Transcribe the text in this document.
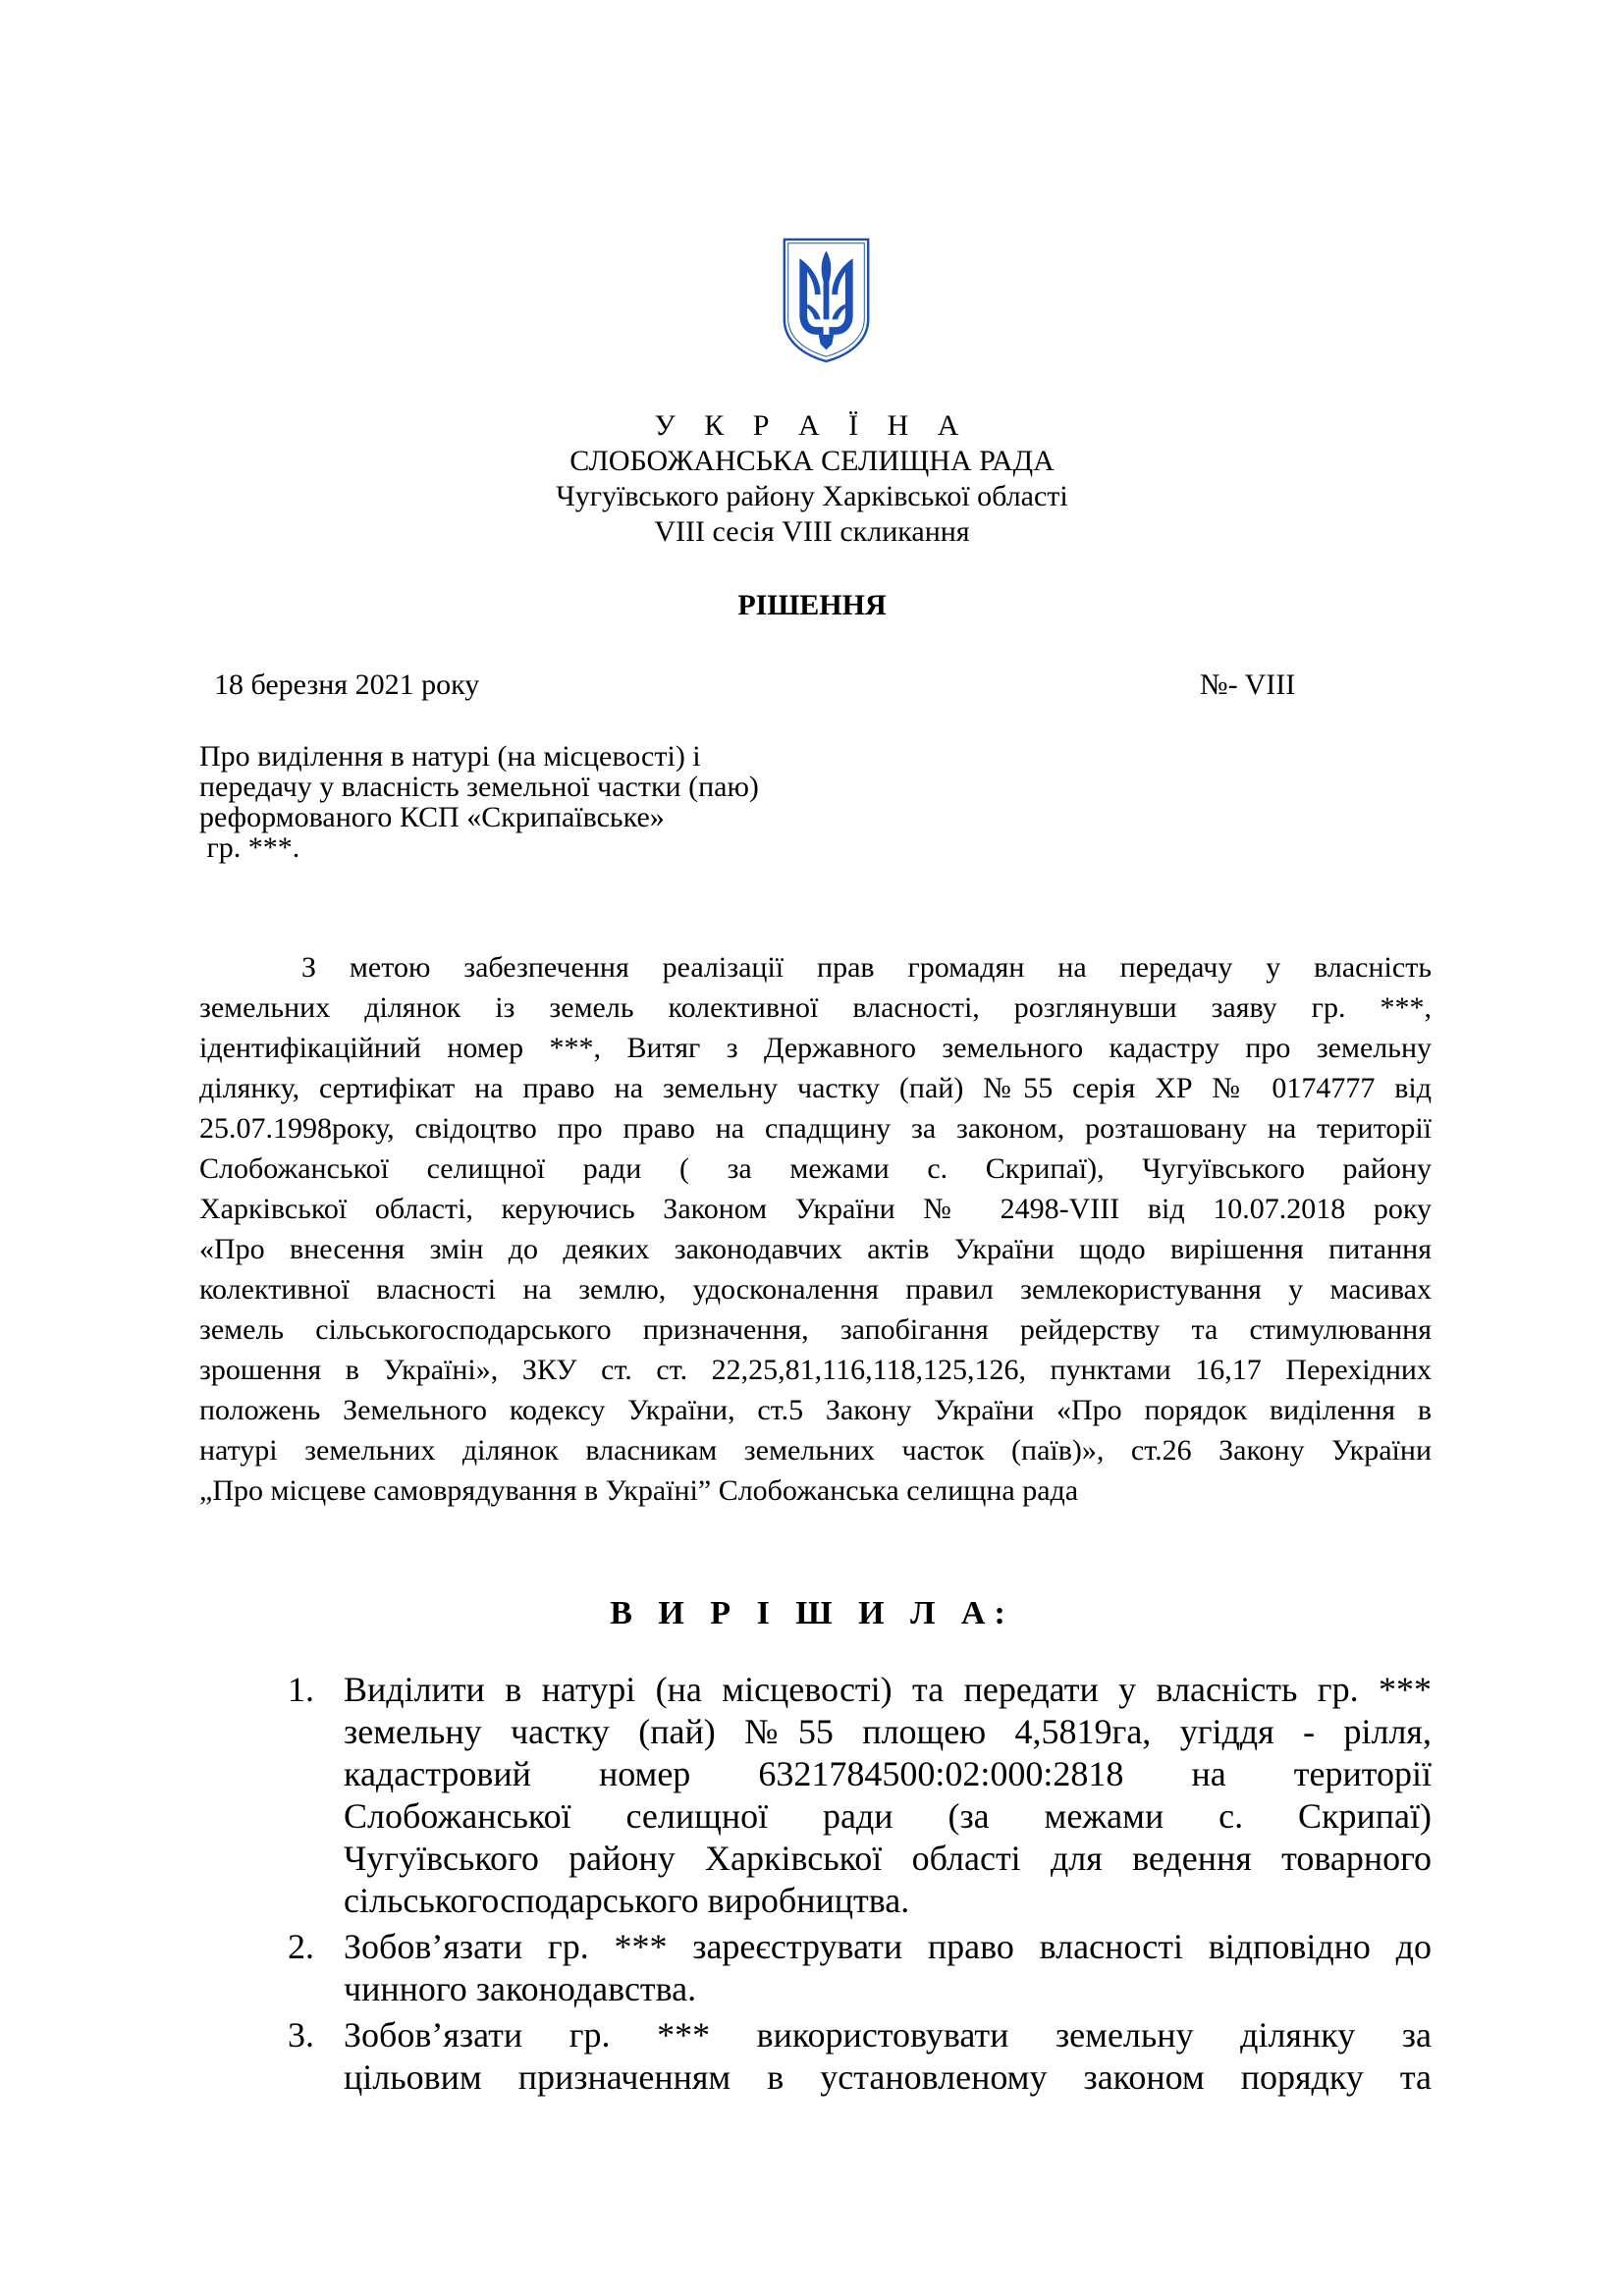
У К Р А Ї Н А
СЛОБОЖАНСЬКА СЕЛИЩНА РАДА
Чугуївського району Харківської області
VIII сесія VIII скликання
РІШЕННЯ
18 березня 2021 року	№- VIII
Про виділення в натурі (на місцевості) і
передачу у власність земельної частки (паю)
реформованого КСП «Скрипаївське»
гр. ***.
З метою забезпечення реалізації прав громадян на передачу у власність
земельних ділянок із земель колективної власності, розглянувши заяву гр. ***,
ідентифікаційний номер ***, Витяг з Державного земельного кадастру про земельну
ділянку, сертифікат на право на земельну частку (пай) №55 серія ХР № 0174777 від
25.07.1998року, свідоцтво про право на спадщину за законом, розташовану на території
Слобожанської селищної ради ( за межами с. Скрипаї), Чугуївського району
Харківської області, керуючись Законом України № 2498-VIII від 10.07.2018 року
«Про внесення змін до деяких законодавчих актів України щодо вирішення питання
колективної власності на землю, удосконалення правил землекористування у масивах
земель сільськогосподарського призначення, запобігання рейдерству та стимулювання
зрошення в Україні», ЗКУ ст. ст. 22,25,81,116,118,125,126, пунктами 16,17 Перехідних
положень Земельного кодексу України, ст.5 Закону України «Про порядок виділення в
натурі земельних ділянок власникам земельних часток (паїв)», ст.26 Закону України
„Про місцеве самоврядування в Україні” Слобожанська селищна рада
В И Р І Ш И Л А:
1. Виділити в натурі (на місцевості) та передати у власність гр. ***
земельну частку (пай) №55 площею 4,5819га, угіддя - рілля,
кадастровий номер 6321784500:02:000:2818 на території
Слобожанської селищної ради (за межами с. Скрипаї)
Чугуївського району Харківської області для ведення товарного
сільськогосподарського виробництва.
2. Зобов’язати гр. *** зареєструвати право власності відповідно до
чинного законодавства.
3. Зобов’язати гр. *** використовувати земельну ділянку за
цільовим призначенням в установленому законом порядку та
